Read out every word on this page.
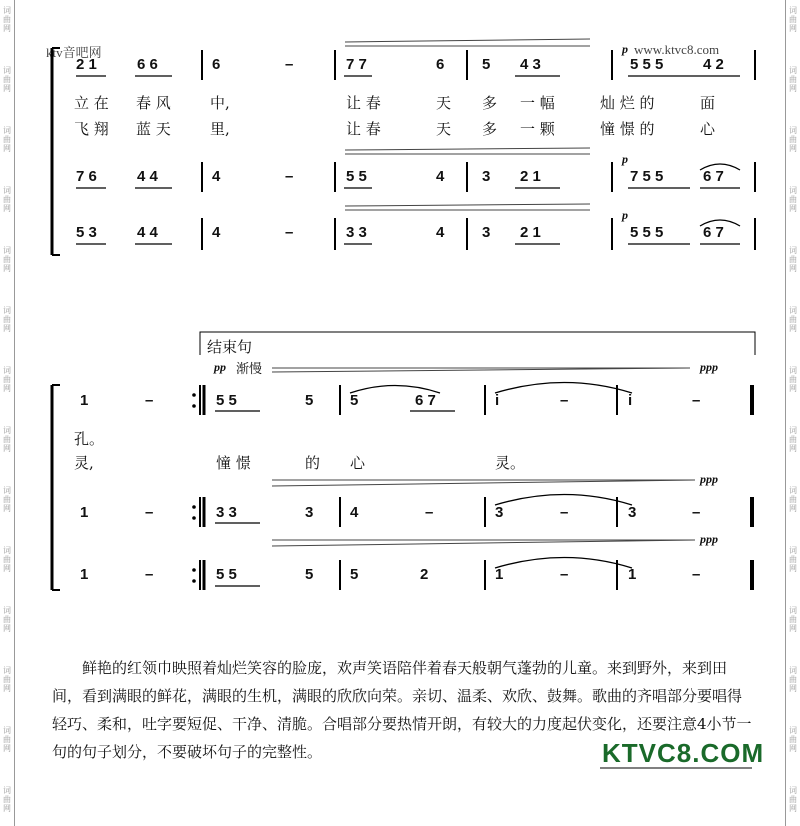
词
曲
网
词
曲
网
词
曲
网
词
曲
网
词
曲
网
词
曲
网
词
曲
网
词
曲
网
词
曲
网
词
曲
网
词
曲
网
词
曲
网
词
曲
网
词
曲
网
词
曲
网
词
曲
网
词
曲
网
词
曲
网
词
曲
网
词
曲
网
词
曲
网
词
曲
网
词
曲
网
词
曲
网
词
曲
网
词
曲
网
词
曲
网
词
曲
网
ktv音吧网	www.ktvc8.com
2 1	6 6	6	–	7 7	6	5 4 3	5 5 5	4 2
p
立 在 春 风	中,	让 春	天 多 一 幅	灿 烂 的	面
飞 翔 蓝 天	里,	让 春	天 多 一 颗	憧 憬 的	心
7 6	4 4	4	–	5 5	4	3 2 1	7 5 5	6 7
p
5 3	4 4	4	–	3 3	4	3 2 1	5 5 5	6 7
p
结束句
pp 渐慢	ppp
ppp
ppp
1	–	5 5	5 5	6 7	i	–	i	–
孔。
灵,	憧 憬	的 心	灵。
1	–	3 3	3 4	–	3	–	3	–
1	–	5 5	5 5	2	1	–	1	–
鲜艳的红领巾映照着灿烂笑容的脸庞，欢声笑语陪伴着春天般朝气蓬勃的儿童。来到野外，来到田间，看到满眼的鲜花，满眼的生机，满眼的欣欣向荣。亲切、温柔、欢欣、鼓舞。歌曲的齐唱部分要唱得轻巧、柔和，吐字要短促、干净、清脆。合唱部分要热情开朗，有较大的力度起伏变化，还要注意4小节一句的句子划分，不要破坏句子的完整性。	KTVC8.COM
